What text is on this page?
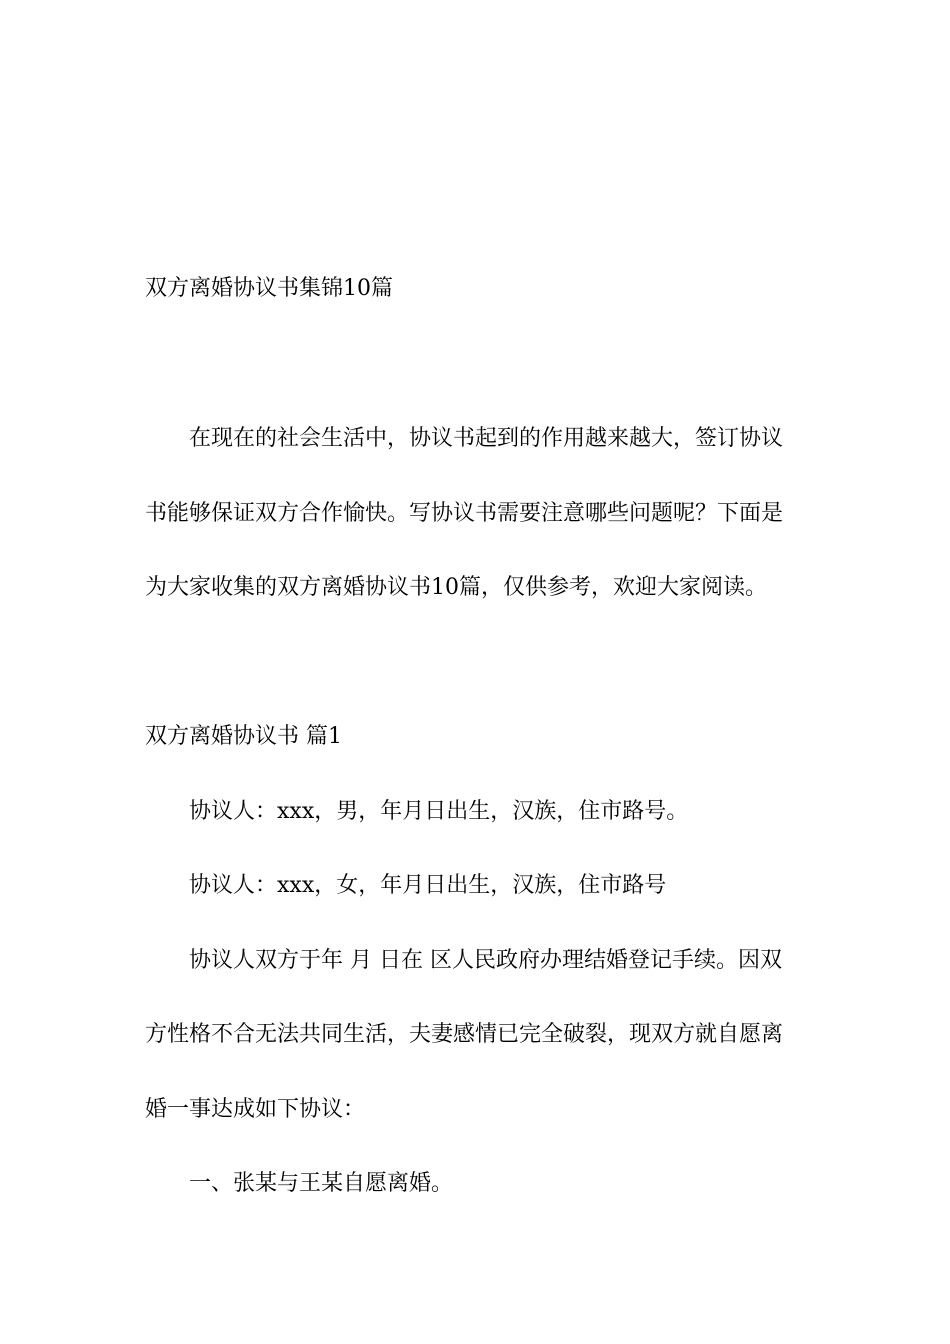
双方离婚协议书集锦10篇
在现在的社会生活中，协议书起到的作用越来越大，签订协议
书能够保证双方合作愉快。写协议书需要注意哪些问题呢？下面是
为大家收集的双方离婚协议书10篇，仅供参考，欢迎大家阅读。
双方离婚协议书 篇1
协议人：xxx，男，年月日出生，汉族，住市路号。
协议人：xxx，女，年月日出生，汉族，住市路号
协议人双方于年 月 日在 区人民政府办理结婚登记手续。因双
方性格不合无法共同生活，夫妻感情已完全破裂，现双方就自愿离
婚一事达成如下协议：
一、张某与王某自愿离婚。
